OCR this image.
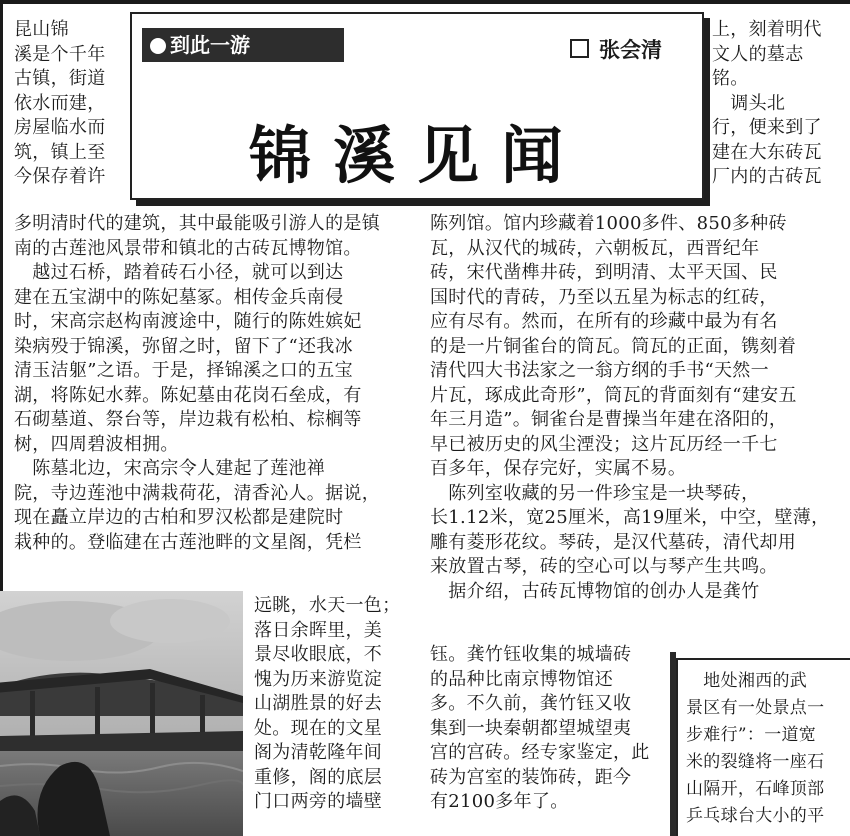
昆山锦
溪是个千年
古镇，街道
依水而建，
房屋临水而
筑，镇上至
今保存着许
上，刻着明代
文人的墓志
铭。
　调头北
行，便来到了
建在大东砖瓦
厂内的古砖瓦
到此一游	张会清
锦溪见闻
多明清时代的建筑，其中最能吸引游人的是镇
南的古莲池风景带和镇北的古砖瓦博物馆。
　越过石桥，踏着砖石小径，就可以到达
建在五宝湖中的陈妃墓冢。相传金兵南侵
时，宋高宗赵构南渡途中，随行的陈姓嫔妃
染病殁于锦溪，弥留之时，留下了“还我冰
清玉洁躯”之语。于是，择锦溪之口的五宝
湖，将陈妃水葬。陈妃墓由花岗石垒成，有
石砌墓道、祭台等，岸边栽有松柏、棕榈等
树，四周碧波相拥。
　陈墓北边，宋高宗令人建起了莲池禅
院，寺边莲池中满栽荷花，清香沁人。据说，
现在矗立岸边的古柏和罗汉松都是建院时
栽种的。登临建在古莲池畔的文星阁，凭栏
远眺，水天一色；
落日余晖里，美
景尽收眼底，不
愧为历来游览淀
山湖胜景的好去
处。现在的文星
阁为清乾隆年间
重修，阁的底层
门口两旁的墙壁
陈列馆。馆内珍藏着1000多件、850多种砖
瓦，从汉代的城砖，六朝板瓦，西晋纪年
砖，宋代凿榫井砖，到明清、太平天国、民
国时代的青砖，乃至以五星为标志的红砖，
应有尽有。然而，在所有的珍藏中最为有名
的是一片铜雀台的筒瓦。筒瓦的正面，镌刻着
清代四大书法家之一翁方纲的手书“天然一
片瓦，琢成此奇形”，筒瓦的背面刻有“建安五
年三月造”。铜雀台是曹操当年建在洛阳的，
早已被历史的风尘湮没；这片瓦历经一千七
百多年，保存完好，实属不易。
　陈列室收藏的另一件珍宝是一块琴砖，
长1.12米，宽25厘米，高19厘米，中空，壁薄，
雕有菱形花纹。琴砖，是汉代墓砖，清代却用
来放置古琴，砖的空心可以与琴产生共鸣。
　据介绍，古砖瓦博物馆的创办人是龚竹
钰。龚竹钰收集的城墙砖
的品种比南京博物馆还
多。不久前，龚竹钰又收
集到一块秦朝都望城望夷
宫的宫砖。经专家鉴定，此
砖为宫室的装饰砖，距今
有2100多年了。
　地处湘西的武
景区有一处景点一
步难行”：一道宽
米的裂缝将一座石
山隔开，石峰顶部
乒乓球台大小的平
